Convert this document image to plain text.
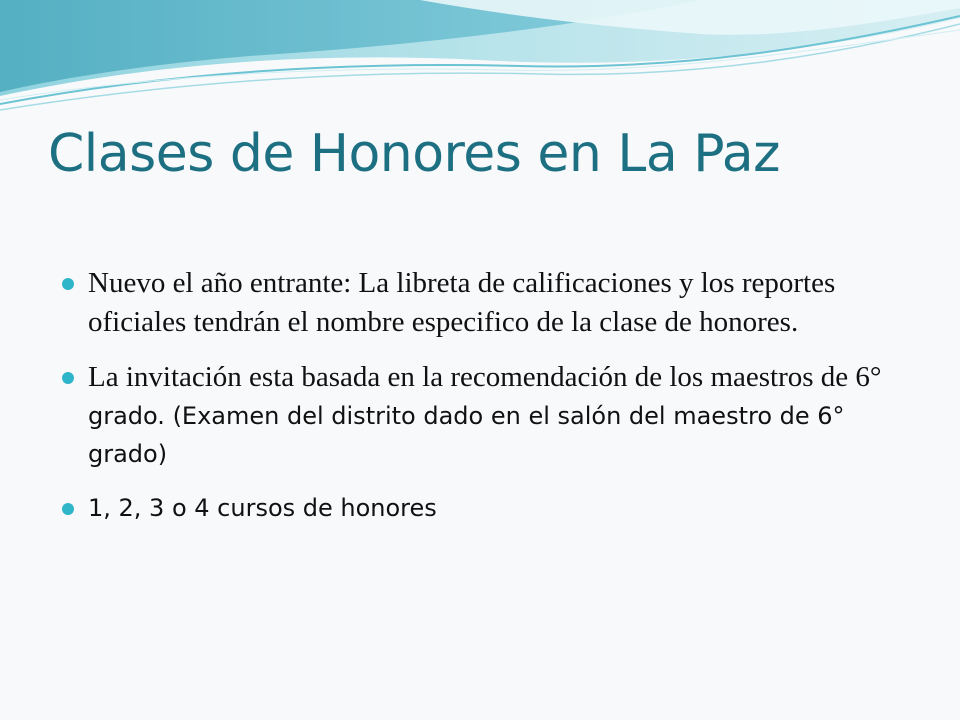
Clases de Honores en La Paz
Nuevo el año entrante: La libreta de calificaciones y los reportes oficiales tendrán el nombre especifico de la clase de honores.
La invitación esta basada en la recomendación de los maestros de 6° grado. (Examen del distrito dado en el salón del maestro de 6° grado)
1, 2, 3 o 4 cursos de honores
